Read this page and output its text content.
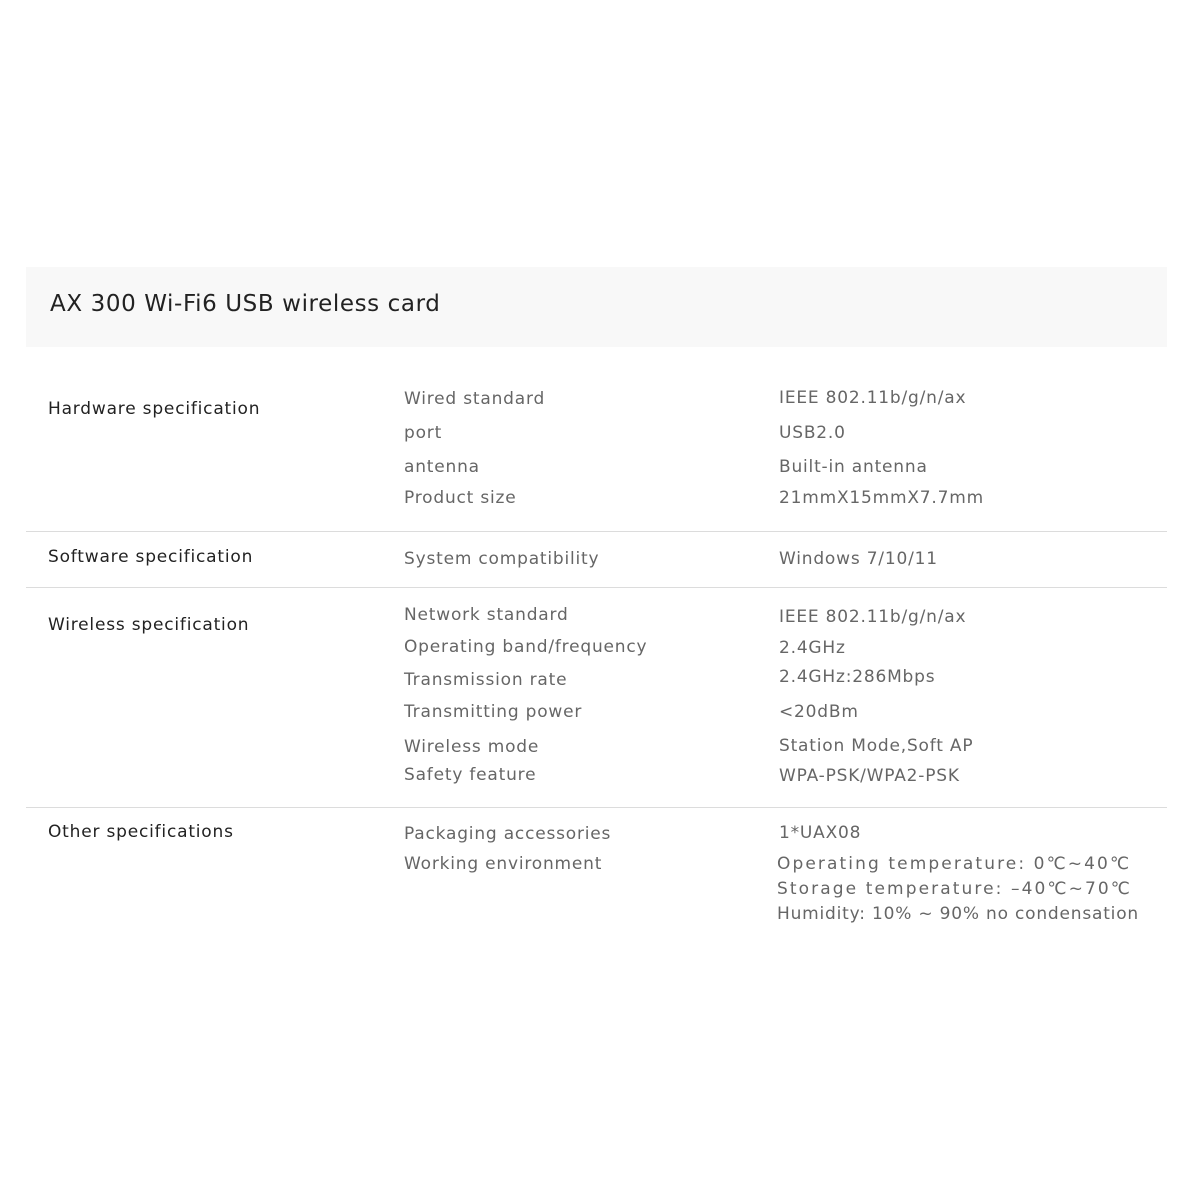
AX 300 Wi-Fi6 USB wireless card
Hardware specification	Wired standard	IEEE 802.11b/g/n/ax
port	USB2.0
antenna	Built-in antenna
Product size	21mmX15mmX7.7mm
Software specification	System compatibility	Windows 7/10/11
Wireless specification	Network standard	IEEE 802.11b/g/n/ax
Operating band/frequency	2.4GHz
Transmission rate	2.4GHz:286Mbps
Transmitting power	<20dBm
Wireless mode	Station Mode,Soft AP
Safety feature	WPA-PSK/WPA2-PSK
Other specifications	Packaging accessories	1*UAX08
Working environment	Operating temperature: 0℃~40℃
Storage temperature: –40℃~70℃
Humidity: 10% ~ 90% no condensation
